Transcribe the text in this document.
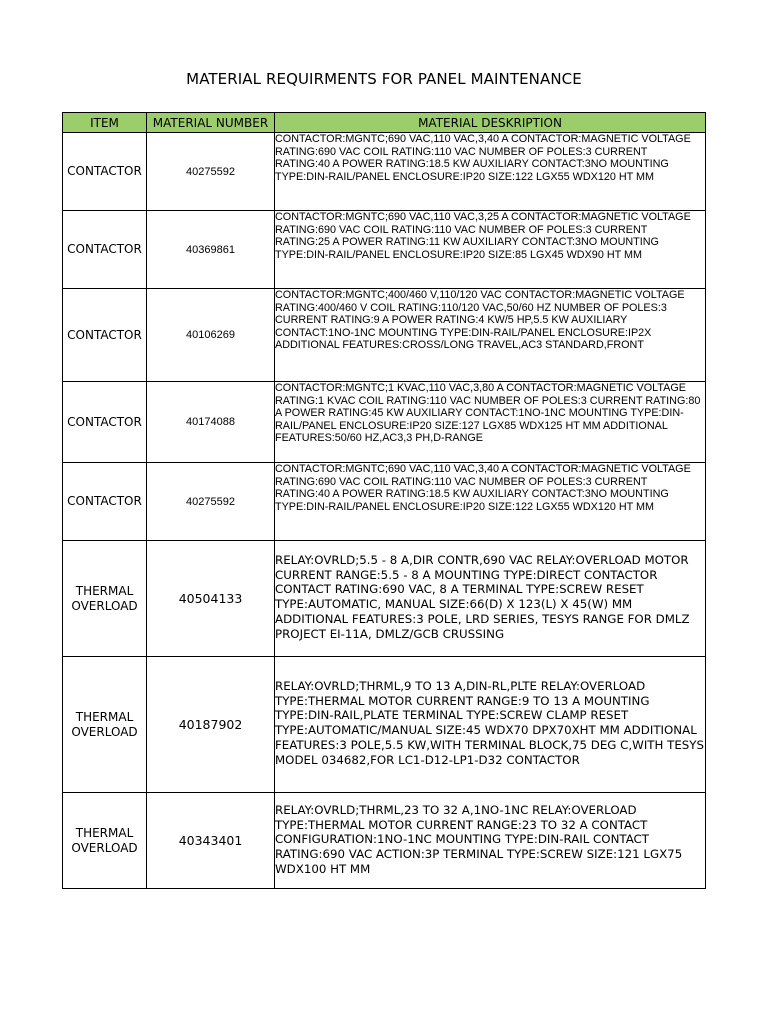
MATERIAL REQUIRMENTS FOR PANEL MAINTENANCE
ITEM	MATERIAL NUMBER	MATERIAL DESKRIPTION
CONTACTOR	40275592	CONTACTOR:MGNTC;690 VAC,110 VAC,3,40 A CONTACTOR:MAGNETIC VOLTAGE RATING:690 VAC COIL RATING:110 VAC NUMBER OF POLES:3 CURRENT RATING:40 A POWER RATING:18.5 KW AUXILIARY CONTACT:3NO MOUNTING TYPE:DIN-RAIL/PANEL ENCLOSURE:IP20 SIZE:122 LGX55 WDX120 HT MM

CONTACTOR	40369861	CONTACTOR:MGNTC;690 VAC,110 VAC,3,25 A CONTACTOR:MAGNETIC VOLTAGE RATING:690 VAC COIL RATING:110 VAC NUMBER OF POLES:3 CURRENT RATING:25 A POWER RATING:11 KW AUXILIARY CONTACT:3NO MOUNTING TYPE:DIN-RAIL/PANEL ENCLOSURE:IP20 SIZE:85 LGX45 WDX90 HT MM

CONTACTOR	40106269	CONTACTOR:MGNTC;400/460 V,110/120 VAC CONTACTOR:MAGNETIC VOLTAGE RATING:400/460 V COIL RATING:110/120 VAC,50/60 HZ NUMBER OF POLES:3 CURRENT RATING:9 A POWER RATING:4 KW/5 HP,5.5 KW AUXILIARY CONTACT:1NO-1NC MOUNTING TYPE:DIN-RAIL/PANEL ENCLOSURE:IP2X ADDITIONAL FEATURES:CROSS/LONG TRAVEL,AC3 STANDARD,FRONT

CONTACTOR	40174088	CONTACTOR:MGNTC;1 KVAC,110 VAC,3,80 A CONTACTOR:MAGNETIC VOLTAGE RATING:1 KVAC COIL RATING:110 VAC NUMBER OF POLES:3 CURRENT RATING:80 A POWER RATING:45 KW AUXILIARY CONTACT:1NO-1NC MOUNTING TYPE:DIN-RAIL/PANEL ENCLOSURE:IP20 SIZE:127 LGX85 WDX125 HT MM ADDITIONAL FEATURES:50/60 HZ,AC3,3 PH,D-RANGE

CONTACTOR	40275592	CONTACTOR:MGNTC;690 VAC,110 VAC,3,40 A CONTACTOR:MAGNETIC VOLTAGE RATING:690 VAC COIL RATING:110 VAC NUMBER OF POLES:3 CURRENT RATING:40 A POWER RATING:18.5 KW AUXILIARY CONTACT:3NO MOUNTING TYPE:DIN-RAIL/PANEL ENCLOSURE:IP20 SIZE:122 LGX55 WDX120 HT MM

THERMAL OVERLOAD	40504133	RELAY:OVRLD;5.5 - 8 A,DIR CONTR,690 VAC RELAY:OVERLOAD MOTOR CURRENT RANGE:5.5 - 8 A MOUNTING TYPE:DIRECT CONTACTOR CONTACT RATING:690 VAC, 8 A TERMINAL TYPE:SCREW RESET TYPE:AUTOMATIC, MANUAL SIZE:66(D) X 123(L) X 45(W) MM ADDITIONAL FEATURES:3 POLE, LRD SERIES, TESYS RANGE FOR DMLZ PROJECT EI-11A, DMLZ/GCB CRUSSING

THERMAL OVERLOAD	40187902	RELAY:OVRLD;THRML,9 TO 13 A,DIN-RL,PLTE RELAY:OVERLOAD TYPE:THERMAL MOTOR CURRENT RANGE:9 TO 13 A MOUNTING TYPE:DIN-RAIL,PLATE TERMINAL TYPE:SCREW CLAMP RESET TYPE:AUTOMATIC/MANUAL SIZE:45 WDX70 DPX70XHT MM ADDITIONAL FEATURES:3 POLE,5.5 KW,WITH TERMINAL BLOCK,75 DEG C,WITH TESYS MODEL 034682,FOR LC1-D12-LP1-D32 CONTACTOR

THERMAL OVERLOAD	40343401	RELAY:OVRLD;THRML,23 TO 32 A,1NO-1NC RELAY:OVERLOAD TYPE:THERMAL MOTOR CURRENT RANGE:23 TO 32 A CONTACT CONFIGURATION:1NO-1NC MOUNTING TYPE:DIN-RAIL CONTACT RATING:690 VAC ACTION:3P TERMINAL TYPE:SCREW SIZE:121 LGX75 WDX100 HT MM
